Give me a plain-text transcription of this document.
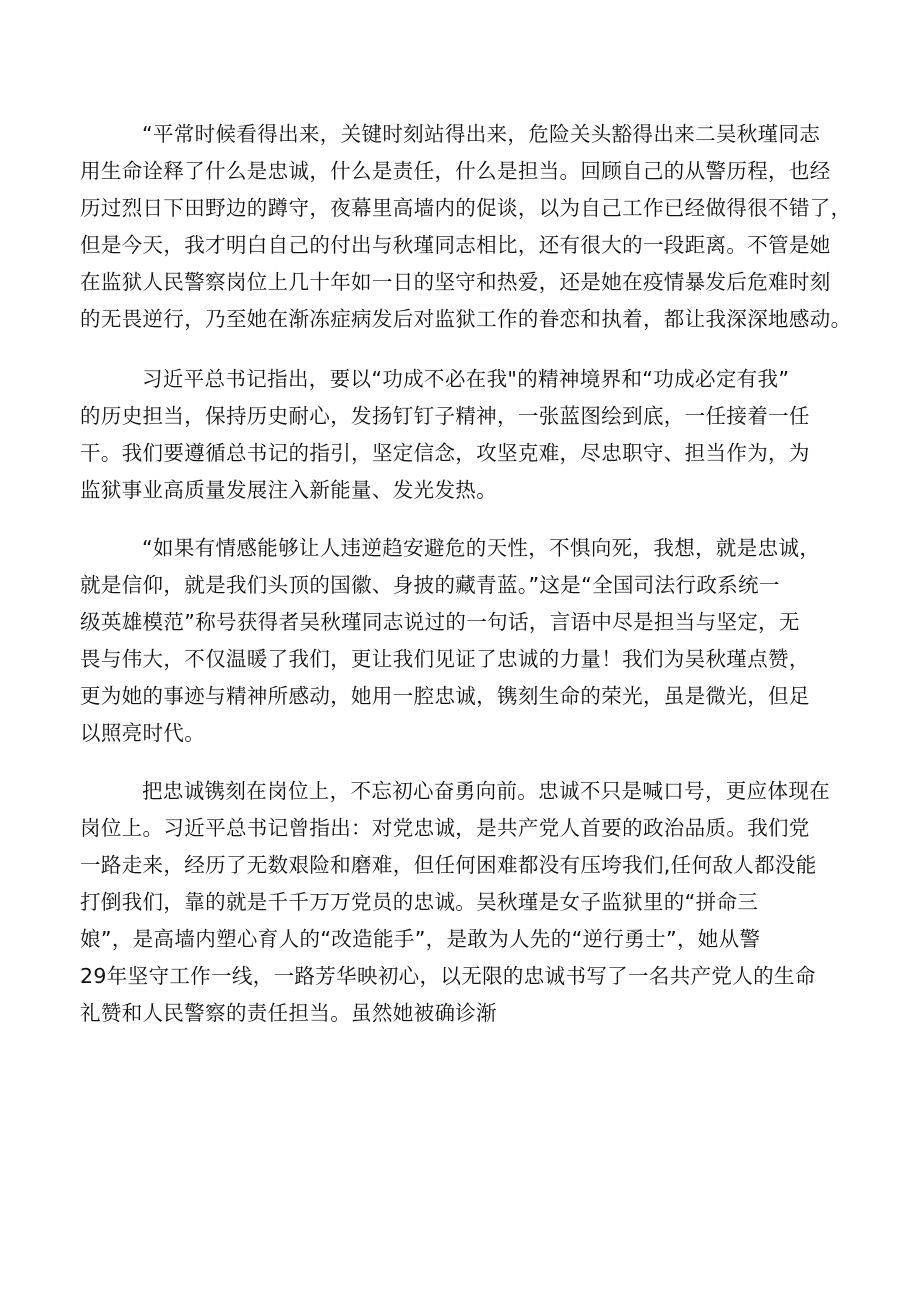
“平常时候看得出来，关键时刻站得出来，危险关头豁得出来二吴秋瑾同志
用生命诠释了什么是忠诚，什么是责任，什么是担当。回顾自己的从警历程，也经
历过烈日下田野边的蹲守，夜幕里高墙内的促谈，以为自己工作已经做得很不错了，
但是今天，我才明白自己的付出与秋瑾同志相比，还有很大的一段距离。不管是她
在监狱人民警察岗位上几十年如一日的坚守和热爱，还是她在疫情暴发后危难时刻
的无畏逆行，乃至她在渐冻症病发后对监狱工作的眷恋和执着，都让我深深地感动。
习近平总书记指出，要以“功成不必在我"的精神境界和“功成必定有我”
的历史担当，保持历史耐心，发扬钉钉子精神，一张蓝图绘到底，一任接着一任
干。我们要遵循总书记的指引，坚定信念，攻坚克难，尽忠职守、担当作为，为
监狱事业高质量发展注入新能量、发光发热。
“如果有情感能够让人违逆趋安避危的天性，不惧向死，我想，就是忠诚，
就是信仰，就是我们头顶的国徽、身披的藏青蓝。”这是“全国司法行政系统一
级英雄模范”称号获得者吴秋瑾同志说过的一句话，言语中尽是担当与坚定，无
畏与伟大，不仅温暖了我们，更让我们见证了忠诚的力量！我们为吴秋瑾点赞，
更为她的事迹与精神所感动，她用一腔忠诚，镌刻生命的荣光，虽是微光，但足
以照亮时代。
把忠诚镌刻在岗位上，不忘初心奋勇向前。忠诚不只是喊口号，更应体现在
岗位上。习近平总书记曾指出：对党忠诚，是共产党人首要的政治品质。我们党
一路走来，经历了无数艰险和磨难，但任何困难都没有压垮我们,任何敌人都没能
打倒我们，靠的就是千千万万党员的忠诚。吴秋瑾是女子监狱里的“拼命三
娘”，是高墙内塑心育人的“改造能手”，是敢为人先的“逆行勇士”，她从警
29年坚守工作一线，一路芳华映初心，以无限的忠诚书写了一名共产党人的生命
礼赞和人民警察的责任担当。虽然她被确诊渐
